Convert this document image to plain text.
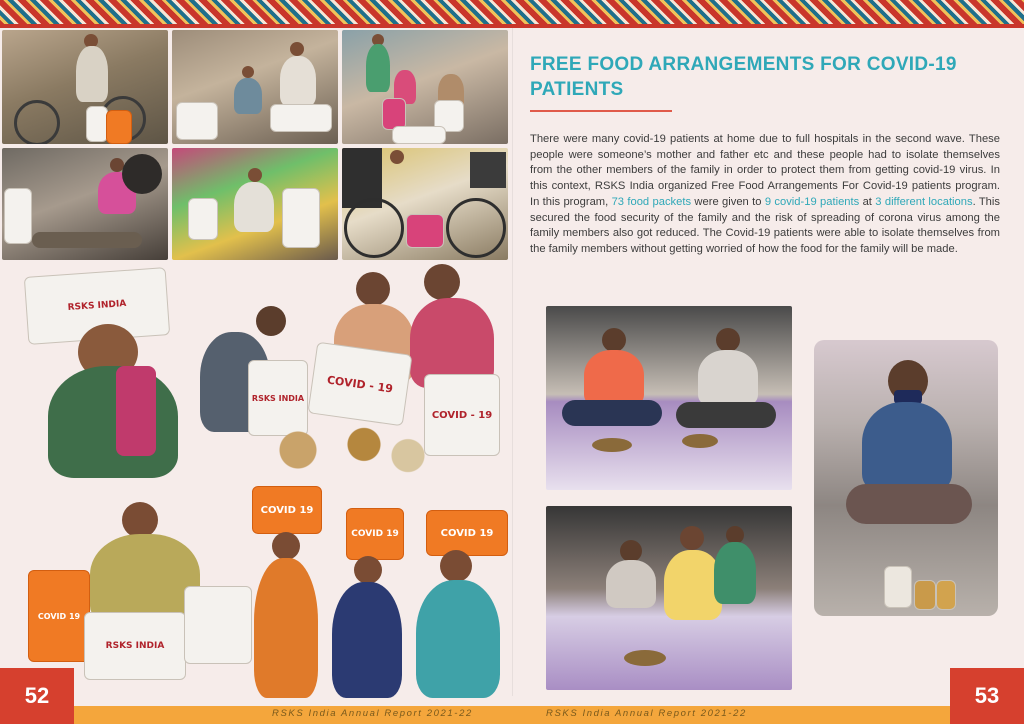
RSKS INDIA
RSKS INDIA
COVID - 19
COVID - 19
COVID 19
RSKS INDIA
COVID 19
COVID 19	COVID 19
FREE FOOD ARRANGEMENTS FOR COVID-19 PATIENTS
There were many covid-19 patients at home due to full hospitals in the second wave. These people were someone’s mother and father etc and these people had to isolate themselves from the other members of the family in order to protect them from getting covid-19 virus. In this context, RSKS India organized Free Food Arrangements For Covid-19 patients program. In this program, 73 food packets were given to 9 covid-19 patients at 3 different locations. This secured the food security of the family and the risk of spreading of corona virus among the family members also got reduced. The Covid-19 patients were able to isolate themselves from the family members without getting worried of how the food for the family will be made.
52	53
RSKS India Annual Report 2021-22	RSKS India Annual Report 2021-22
